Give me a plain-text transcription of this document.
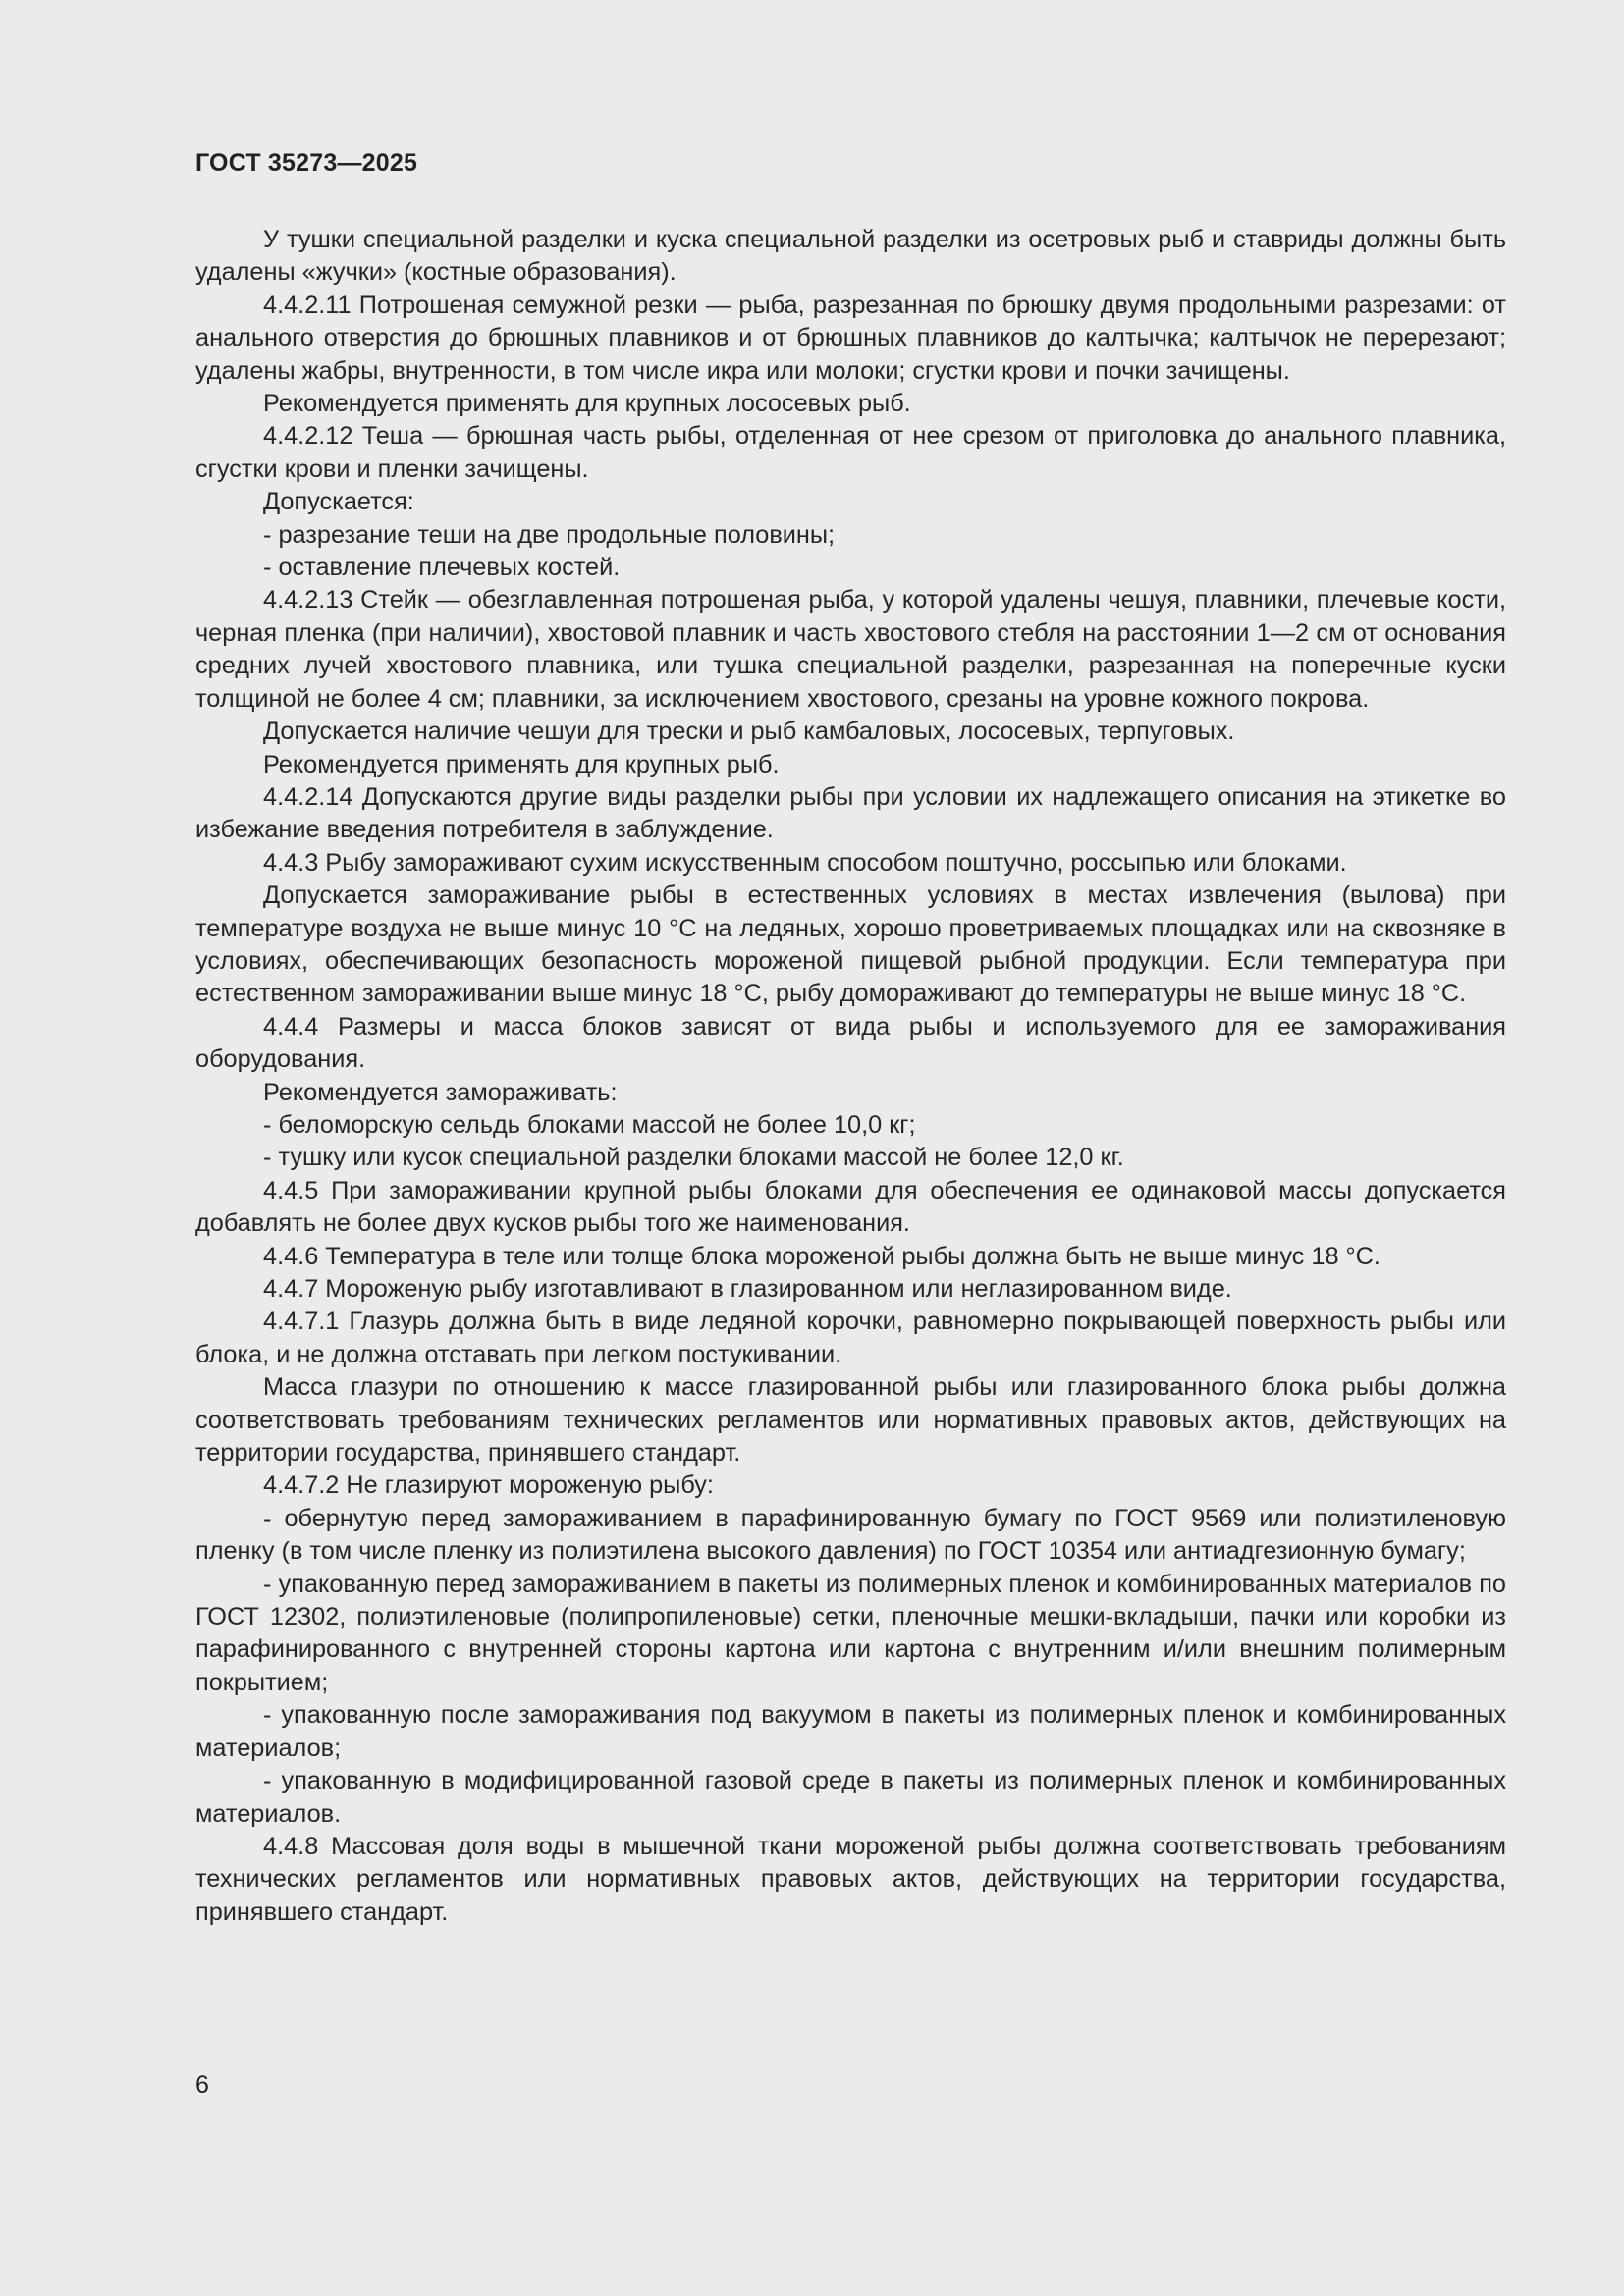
ГОСТ 35273—2025

У тушки специальной разделки и куска специальной разделки из осетровых рыб и ставриды должны быть удалены «жучки» (костные образования).

4.4.2.11 Потрошеная семужной резки — рыба, разрезанная по брюшку двумя продольными разрезами: от анального отверстия до брюшных плавников и от брюшных плавников до калтычка; калтычок не перерезают; удалены жабры, внутренности, в том числе икра или молоки; сгустки крови и почки зачищены.

Рекомендуется применять для крупных лососевых рыб.

4.4.2.12 Теша — брюшная часть рыбы, отделенная от нее срезом от приголовка до анального плавника, сгустки крови и пленки зачищены.

Допускается:

- разрезание теши на две продольные половины;

- оставление плечевых костей.

4.4.2.13 Стейк — обезглавленная потрошеная рыба, у которой удалены чешуя, плавники, плечевые кости, черная пленка (при наличии), хвостовой плавник и часть хвостового стебля на расстоянии 1—2 см от основания средних лучей хвостового плавника, или тушка специальной разделки, разрезанная на поперечные куски толщиной не более 4 см; плавники, за исключением хвостового, срезаны на уровне кожного покрова.

Допускается наличие чешуи для трески и рыб камбаловых, лососевых, терпуговых.

Рекомендуется применять для крупных рыб.

4.4.2.14 Допускаются другие виды разделки рыбы при условии их надлежащего описания на этикетке во избежание введения потребителя в заблуждение.

4.4.3 Рыбу замораживают сухим искусственным способом поштучно, россыпью или блоками.

Допускается замораживание рыбы в естественных условиях в местах извлечения (вылова) при температуре воздуха не выше минус 10 °С на ледяных, хорошо проветриваемых площадках или на сквозняке в условиях, обеспечивающих безопасность мороженой пищевой рыбной продукции. Если температура при естественном замораживании выше минус 18 °С, рыбу домораживают до температуры не выше минус 18 °С.

4.4.4 Размеры и масса блоков зависят от вида рыбы и используемого для ее замораживания оборудования.

Рекомендуется замораживать:

- беломорскую сельдь блоками массой не более 10,0 кг;

- тушку или кусок специальной разделки блоками массой не более 12,0 кг.

4.4.5 При замораживании крупной рыбы блоками для обеспечения ее одинаковой массы допускается добавлять не более двух кусков рыбы того же наименования.

4.4.6 Температура в теле или толще блока мороженой рыбы должна быть не выше минус 18 °С.

4.4.7 Мороженую рыбу изготавливают в глазированном или неглазированном виде.

4.4.7.1 Глазурь должна быть в виде ледяной корочки, равномерно покрывающей поверхность рыбы или блока, и не должна отставать при легком постукивании.

Масса глазури по отношению к массе глазированной рыбы или глазированного блока рыбы должна соответствовать требованиям технических регламентов или нормативных правовых актов, действующих на территории государства, принявшего стандарт.

4.4.7.2 Не глазируют мороженую рыбу:

- обернутую перед замораживанием в парафинированную бумагу по ГОСТ 9569 или полиэтиленовую пленку (в том числе пленку из полиэтилена высокого давления) по ГОСТ 10354 или антиадгезионную бумагу;

- упакованную перед замораживанием в пакеты из полимерных пленок и комбинированных материалов по ГОСТ 12302, полиэтиленовые (полипропиленовые) сетки, пленочные мешки-вкладыши, пачки или коробки из парафинированного с внутренней стороны картона или картона с внутренним и/или внешним полимерным покрытием;

- упакованную после замораживания под вакуумом в пакеты из полимерных пленок и комбинированных материалов;

- упакованную в модифицированной газовой среде в пакеты из полимерных пленок и комбинированных материалов.

4.4.8 Массовая доля воды в мышечной ткани мороженой рыбы должна соответствовать требованиям технических регламентов или нормативных правовых актов, действующих на территории государства, принявшего стандарт.

6
